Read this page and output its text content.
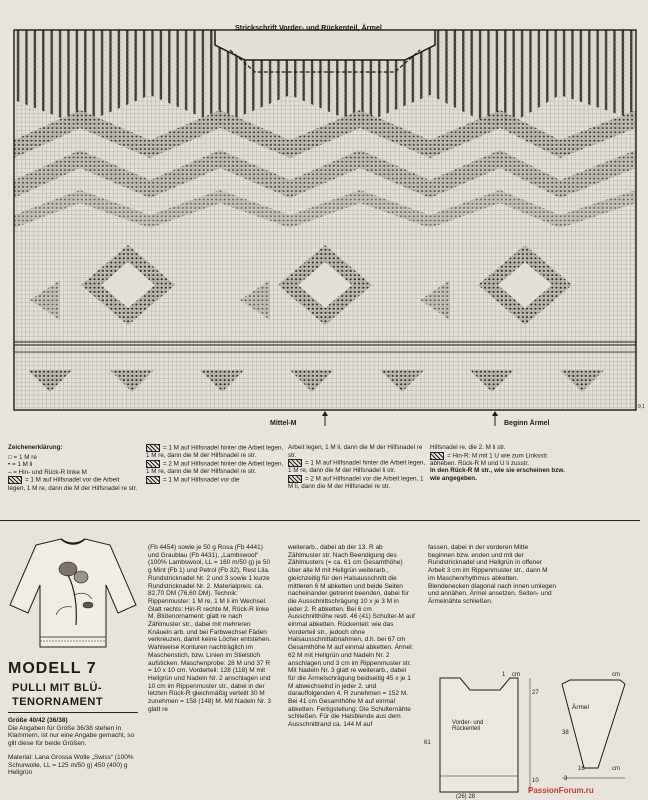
Strickschrift Vorder- und Rückenteil, Ärmel
Mittel-M	Beginn Ärmel
9,1

Zeichenerklärung:

□ = 1 M re

• = 1 M li

– = Hin- und Rück-R linke M

= 1 M auf Hilfsnadel vor die Arbeit legen, 1 M re, dann die M der Hilfsnadel re str.

= 1 M auf Hilfsnadel hinter die Arbeit legen, 1 M re, dann die M der Hilfsnadel re str.

= 2 M auf Hilfsnadel hinter die Arbeit legen, 1 M re, dann die M der Hilfsnadel re str.

= 1 M auf Hilfsnadel vor die

Arbeit legen, 1 M li, dann die M der Hilfsnadel re str.

= 1 M auf Hilfsnadel hinter die Arbeit legen, 1 M re, dann die M der Hilfsnadel li str.

= 2 M auf Hilfsnadel vor die Arbeit legen, 1 M li, dann die M der Hilfsnadel re str.

Hilfsnadel re, die 2. M li str.

= Hin-R: M mit 1 U wie zum Linksstr. abheben. Rück-R M und U li zusstr.

In den Rück-R M str., wie sie erscheinen bzw. wie angegeben.

MODELL 7
PULLI MIT BLÜ-
TENORNAMENT
Größe 40/42 (36/38)
Die Angaben für Größe 36/38 stehen in Klammern, ist nur eine Angabe gemacht, so gilt diese für beide Größen.
Material: Lana Grossa Wolle „Swiss“ (100% Schurwolle, LL = 125 m/50 g) 450 (400) g Hellgrün
(Fb 4454) sowie je 50 g Rosa (Fb 4441) und Graublau (Fb 4431), „Lambswool“ (100% Lambswool, LL = 160 m/50 g) je 50 g Mint (Fb 1) und Petrol (Fb 32), Rest Lila. Rundstricknadel Nr. 2 und 3 sowie 1 kurze Rundstricknadel Nr. 2. Materialpreis: ca. 82,70 DM (76,60 DM). Technik: Rippenmuster: 1 M re, 1 M li im Wechsel. Glatt rechts: Hin-R rechte M, Rück-R linke M. Blütenornament: glatt re nach Zählmuster str., dabei mit mehreren Knäueln arb. und bei Farbwechsel Fäden verkreuzen, damit keine Löcher entstehen. Wahlweise Konturen nachträglich im Maschenstich, bzw. Linien im Stielstich aufsticken. Maschenprobe: 28 M und 37 R = 10 x 10 cm. Vorderteil: 128 (118) M mit Hellgrün und Nadeln Nr. 2 anschlagen und 10 cm im Rippenmuster str., dabei in der letzten Rück-R gleichmäßig verteilt 30 M zunehmen = 158 (148) M. Mit Nadeln Nr. 3 glatt re
weiterarb., dabei ab der 13. R ab Zählmuster str. Nach Beendigung des Zählmusters (= ca. 61 cm Gesamthöhe) über alle M mit Hellgrün weiterarb., gleichzeitig für den Halsausschnitt die mittleren 6 M abketten und beide Seiten nacheinander getrennt beenden, dabei für die Ausschnittschrägung 10 x je 3 M in jeder 2. R abketten. Bei 6 cm Ausschnitthöhe restl. 46 (41) Schulter-M auf einmal abketten. Rückenteil: wie das Vorderteil str., jedoch ohne Halsausschnittabnahmen, d.h. bei 67 cm Gesamthöhe M auf einmal abketten. Ärmel: 62 M mit Hellgrün und Nadeln Nr. 2 anschlagen und 3 cm im Rippenmuster str. Mit Nadeln Nr. 3 glatt re weiterarb., dabei für die Ärmelschrägung beidseitig 45 x je 1 M abwechselnd in jeder 2. und darauffolgenden 4. R zunehmen = 152 M. Bei 41 cm Gesamthöhe M auf einmal abketten. Fertigstellung: Die Schulternähte schließen. Für die Halsblende aus dem Ausschnittrand ca. 144 M auf
fassen, dabei in der vorderen Mitte beginnen bzw. enden und mit der Rundstricknadel und Hellgrün in offener Arbeit 3 cm im Rippenmuster str., dann M im Maschenrhythmus abketten. Blendenecken diagonal nach innen umlegen und annähen. Ärmel ansetzen. Seiten- und Ärmelnähte schließen.
Vorder- und Rückenteil
Ärmel
1 cm
27
61
10
(26) 28
38
16
cm
cm
3
PassionForum.ru
